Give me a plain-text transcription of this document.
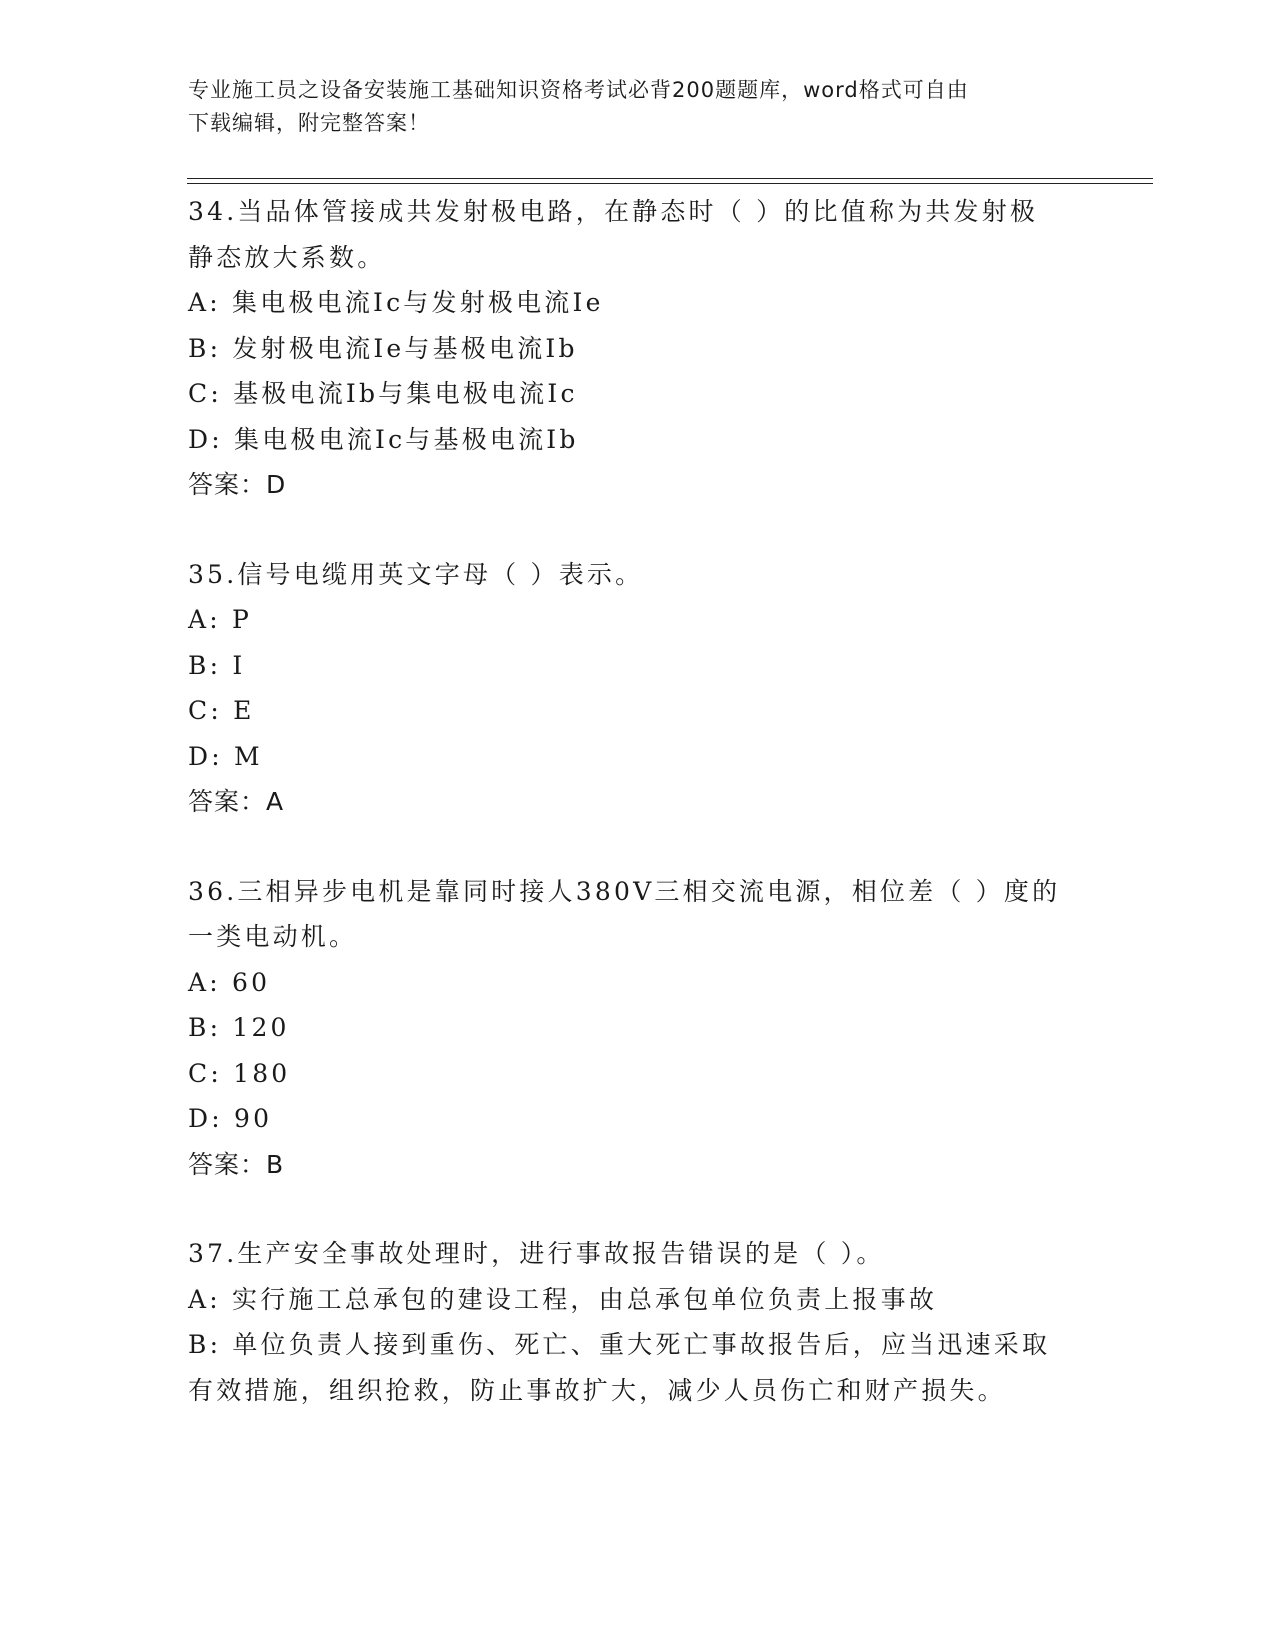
专业施工员之设备安装施工基础知识资格考试必背200题题库，word格式可自由
下载编辑，附完整答案！
34.当品体管接成共发射极电路，在静态时（ ）的比值称为共发射极
静态放大系数。
A: 集电极电流Ic与发射极电流Ie
B: 发射极电流Ie与基极电流Ib
C: 基极电流Ib与集电极电流Ic
D: 集电极电流Ic与基极电流Ib
答案：D
35.信号电缆用英文字母（ ）表示。
A: P
B: I
C: E
D: M
答案：A
36.三相异步电机是靠同时接人380V三相交流电源，相位差（ ）度的
一类电动机。
A: 60
B: 120
C: 180
D: 90
答案：B
37.生产安全事故处理时，进行事故报告错误的是（ ）。
A: 实行施工总承包的建设工程，由总承包单位负责上报事故
B: 单位负责人接到重伤、死亡、重大死亡事故报告后，应当迅速采取
有效措施，组织抢救，防止事故扩大，减少人员伤亡和财产损失。
